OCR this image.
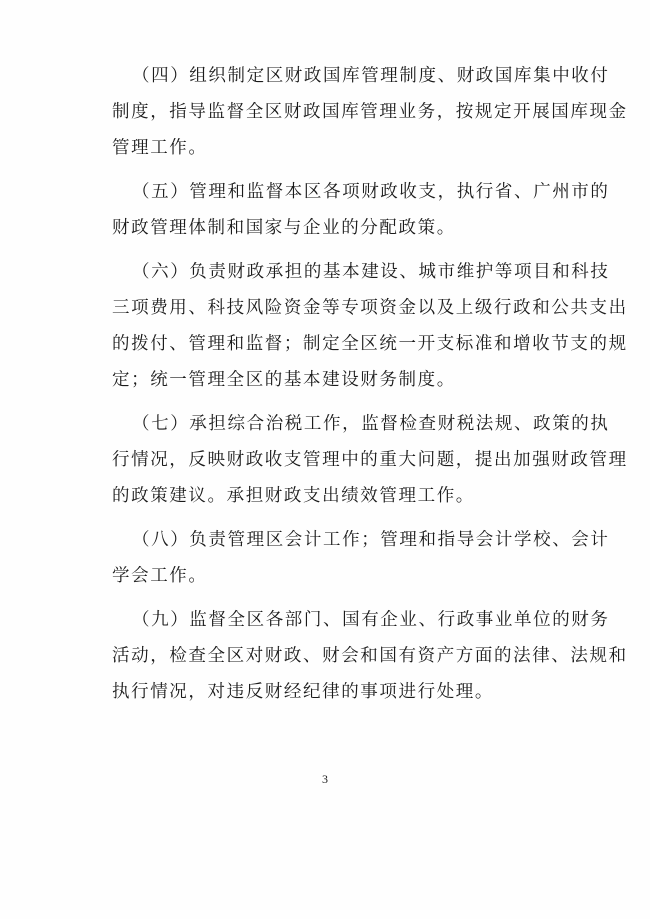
（四）组织制定区财政国库管理制度、财政国库集中收付
制度，指导监督全区财政国库管理业务，按规定开展国库现金
管理工作。

（五）管理和监督本区各项财政收支，执行省、广州市的
财政管理体制和国家与企业的分配政策。

（六）负责财政承担的基本建设、城市维护等项目和科技
三项费用、科技风险资金等专项资金以及上级行政和公共支出
的拨付、管理和监督；制定全区统一开支标准和增收节支的规
定；统一管理全区的基本建设财务制度。

（七）承担综合治税工作，监督检查财税法规、政策的执
行情况，反映财政收支管理中的重大问题，提出加强财政管理
的政策建议。承担财政支出绩效管理工作。

（八）负责管理区会计工作；管理和指导会计学校、会计
学会工作。

（九）监督全区各部门、国有企业、行政事业单位的财务
活动，检查全区对财政、财会和国有资产方面的法律、法规和
执行情况，对违反财经纪律的事项进行处理。

3
